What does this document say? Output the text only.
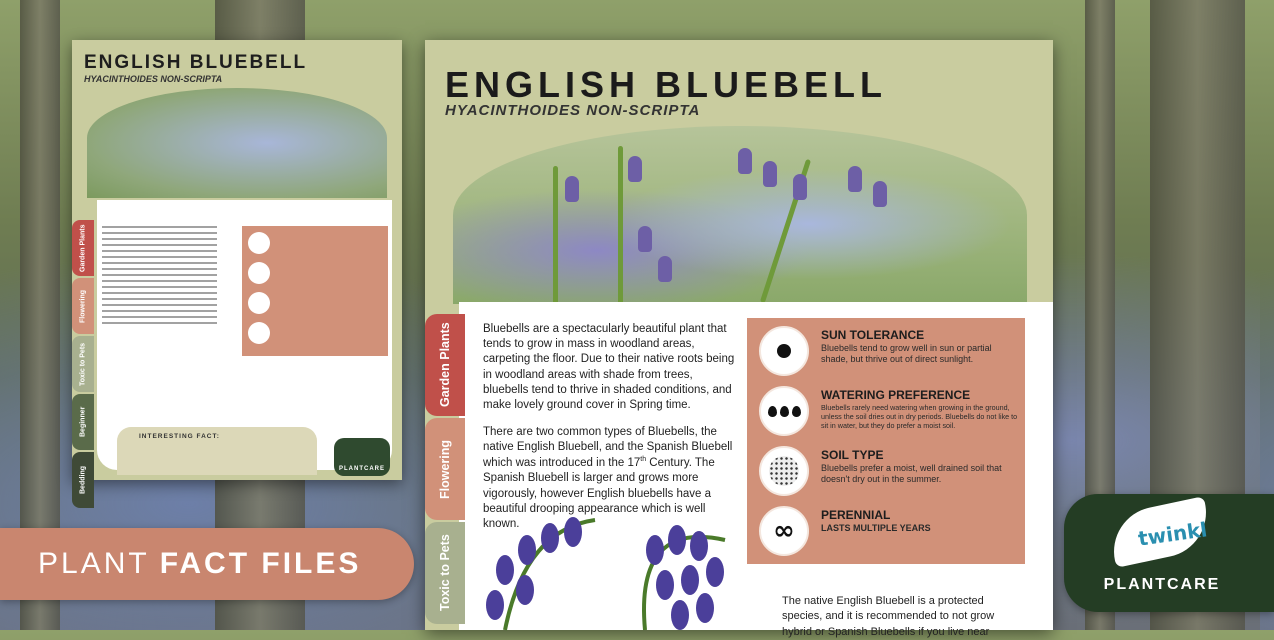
ENGLISH BLUEBELL
HYACINTHOIDES NON-SCRIPTA
Garden Plants
Flowering
Toxic to Pets
Beginner
Bedding
INTERESTING FACT:
PLANTCARE
ENGLISH BLUEBELL
HYACINTHOIDES NON-SCRIPTA
Garden Plants
Flowering
Toxic to Pets

Bluebells are a spectacularly beautiful plant that tends to grow in mass in woodland areas, carpeting the floor. Due to their native roots being in woodland areas with shade from trees, bluebells tend to thrive in shaded conditions, and make lovely ground cover in Spring time.

There are two common types of Bluebells, the native English Bluebell, and the Spanish Bluebell which was introduced in the 17th Century. The Spanish Bluebell is larger and grows more vigorously, however English bluebells have a beautiful drooping appearance which is well known.

SUN TOLERANCE
Bluebells tend to grow well in sun or partial shade, but thrive out of direct sunlight.
WATERING PREFERENCE
Bluebells rarely need watering when growing in the ground, unless the soil dries out in dry periods. Bluebells do not like to sit in water, but they do prefer a moist soil.
SOIL TYPE
Bluebells prefer a moist, well drained soil that doesn't dry out in the summer.
∞
PERENNIAL
LASTS MULTIPLE YEARS
The native English Bluebell is a protected species, and it is recommended to not grow hybrid or Spanish Bluebells if you live near
PLANT FACT FILES
twinkl
PLANTCARE
